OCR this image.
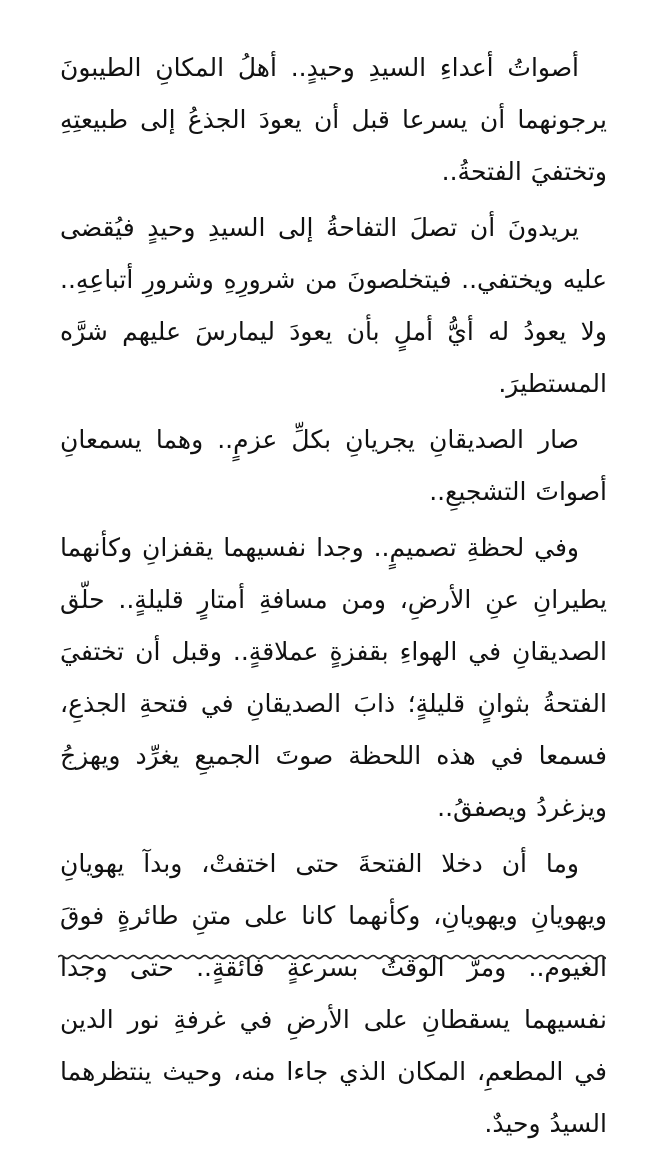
أصواتُ أعداءِ السيدِ وحيدٍ.. أهلُ المكانِ الطيبونَ يرجونهما أن يسرعا قبل أن يعودَ الجذعُ إلى طبيعتِهِ وتختفيَ الفتحةُ..

يريدونَ أن تصلَ التفاحةُ إلى السيدِ وحيدٍ فيُقضى عليه ويختفي.. فيتخلصونَ من شرورِهِ وشرورِ أتباعِهِ.. ولا يعودُ له أيُّ أملٍ بأن يعودَ ليمارسَ عليهم شرَّه المستطيرَ.

صار الصديقانِ يجريانِ بكلِّ عزمٍ.. وهما يسمعانِ أصواتَ التشجيعِ..

وفي لحظةِ تصميمٍ.. وجدا نفسيهما يقفزانِ وكأنهما يطيرانِ عنِ الأرضِ، ومن مسافةِ أمتارٍ قليلةٍ.. حلّق الصديقانِ في الهواءِ بقفزةٍ عملاقةٍ.. وقبل أن تختفيَ الفتحةُ بثوانٍ قليلةٍ؛ ذابَ الصديقانِ في فتحةِ الجذعِ، فسمعا في هذه اللحظة صوتَ الجميعِ يغرِّد ويهزجُ ويزغردُ ويصفقُ..

وما أن دخلا الفتحةَ حتى اختفتْ، وبدآ يهويانِ ويهويانِ ويهويانِ، وكأنهما كانا على متنِ طائرةٍ فوقَ الغيوم.. ومرّ الوقتُ بسرعةٍ فائقةٍ.. حتى وجدا نفسيهما يسقطانِ على الأرضِ في غرفةِ نور الدين في المطعمِ، المكان الذي جاءا منه، وحيث ينتظرهما السيدُ وحيدٌ.
